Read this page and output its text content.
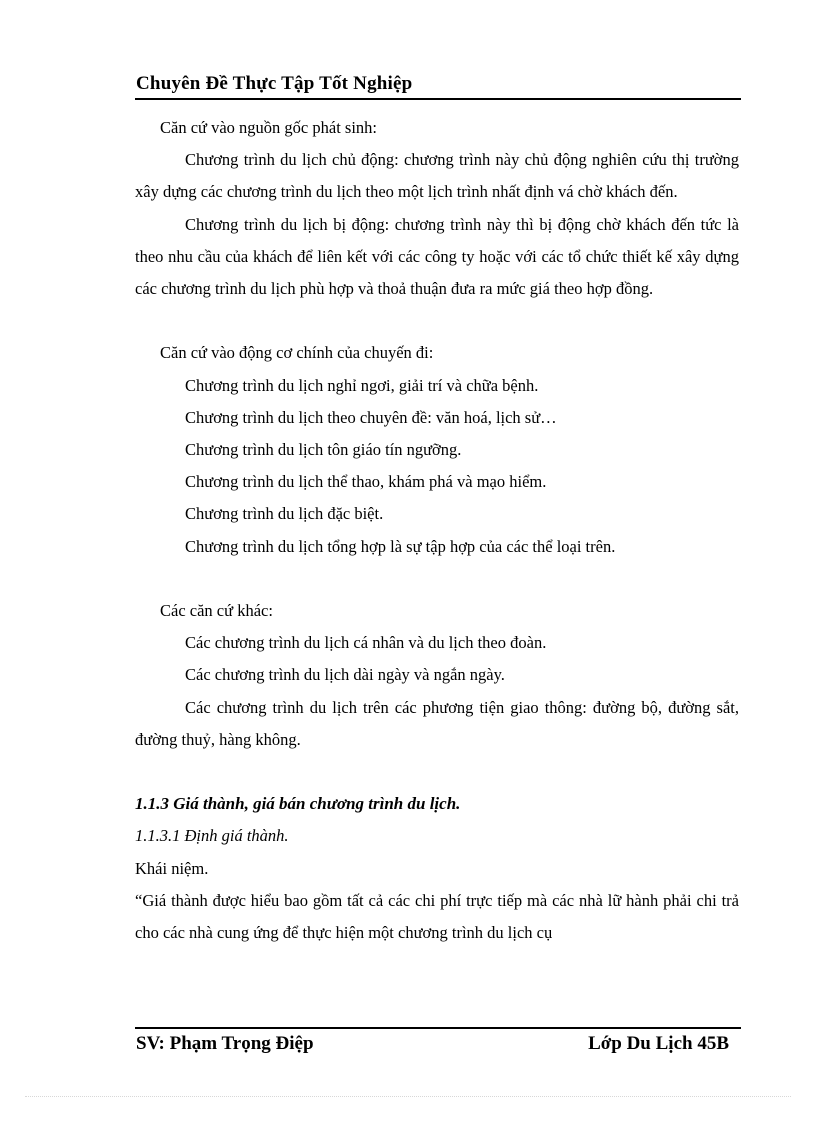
Chuyên Đề Thực Tập Tốt Nghiệp

Căn cứ vào nguồn gốc phát sinh:

Chương trình du lịch chủ động: chương trình này chủ động nghiên cứu thị trường xây dựng các chương trình du lịch theo một lịch trình nhất định vá chờ khách đến.

Chương trình du lịch bị động: chương trình này thì bị động chờ khách đến tức là theo nhu cầu của khách để liên kết với các công ty hoặc với các tổ chức thiết kế xây dựng các chương trình du lịch phù hợp và thoả thuận đưa ra mức giá theo hợp đồng.

Căn cứ vào động cơ chính của chuyến đi:

Chương trình du lịch nghỉ ngơi, giải trí và chữa bệnh.

Chương trình du lịch theo chuyên đề: văn hoá, lịch sử…

Chương trình du lịch tôn giáo tín ngưỡng.

Chương trình du lịch thể thao, khám phá và mạo hiểm.

Chương trình du lịch đặc biệt.

Chương trình du lịch tổng hợp là sự tập hợp của các thể loại trên.

Các căn cứ khác:

Các chương trình du lịch cá nhân và du lịch theo đoàn.

Các chương trình du lịch dài ngày và ngắn ngày.

Các chương trình du lịch trên các phương tiện giao thông: đường bộ, đường sắt, đường thuỷ, hàng không.

1.1.3 Giá thành, giá bán chương trình du lịch.

1.1.3.1 Định giá thành.

Khái niệm.

“Giá thành được hiểu bao gồm tất cả các chi phí trực tiếp mà các nhà lữ hành phải chi trả cho các nhà cung ứng để thực hiện một chương trình du lịch cụ

SV: Phạm Trọng Điệp	Lớp Du Lịch 45B
